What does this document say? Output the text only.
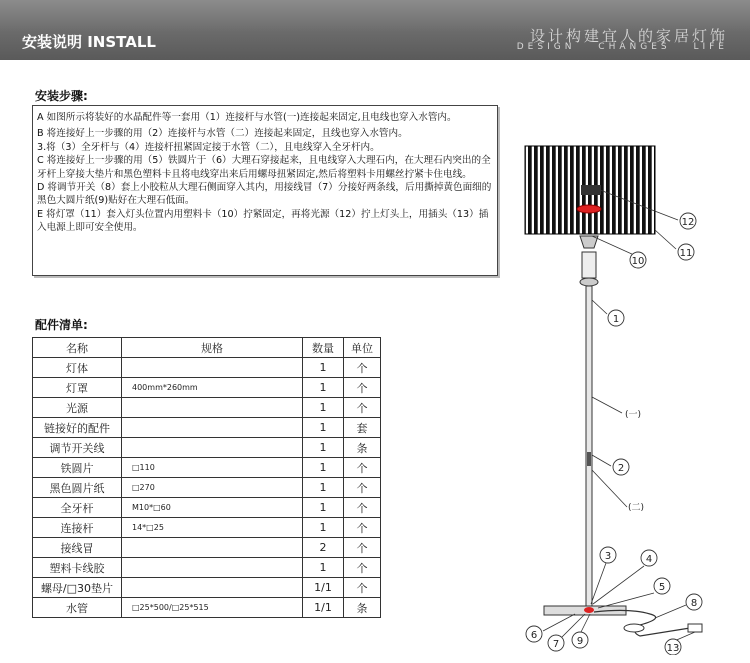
安装说明 INSTALL	设计构建宜人的家居灯饰
DESIGN CHANGES LIFE
安装步骤:
A 如图所示将装好的水晶配件等一套用（1）连接杆与水管(一)连接起来固定,且电线也穿入水管内。
B 将连接好上一步骤的用（2）连接杆与水管（二）连接起来固定，且线也穿入水管内。
3.将（3）全牙杆与（4）连接杆扭紧固定接于水管（二），且电线穿入全牙杆内。
C 将连接好上一步骤的用（5）铁圆片于（6）大理石穿接起来，且电线穿入大理石内，在大理石内突出的全牙杆上穿接大垫片和黑色塑料卡且将电线穿出来后用螺母扭紧固定,然后将塑料卡用螺丝拧紧卡住电线。
D 将调节开关（8）套上小胶粒从大理石侧面穿入其内，用接线冒（7）分接好两条线，后用撕掉黄色面细的黑色大圆片纸(9)贴好在大理石低面。
E 将灯罩（11）套入灯头位置内用塑料卡（10）拧紧固定，再将光源（12）拧上灯头上，用插头（13）插入电源上即可安全使用。
配件清单:
名称	规格	数量	单位
灯体		1	个
灯罩	400mm*260mm	1	个
光源		1	个
链接好的配件		1	套
调节开关线		1	条
铁圆片	□110	1	个
黑色圆片纸	□270	1	个
全牙杆	M10*□60	1	个
连接杆	14*□25	1	个
接线冒		2	个
塑料卡线胶		1	个
螺母/□30垫片		1/1	个
水管	□25*500/□25*515	1/1	条
12
11
10
1
(一)
2
(二)
3	4
5
8
6
7 9
13
